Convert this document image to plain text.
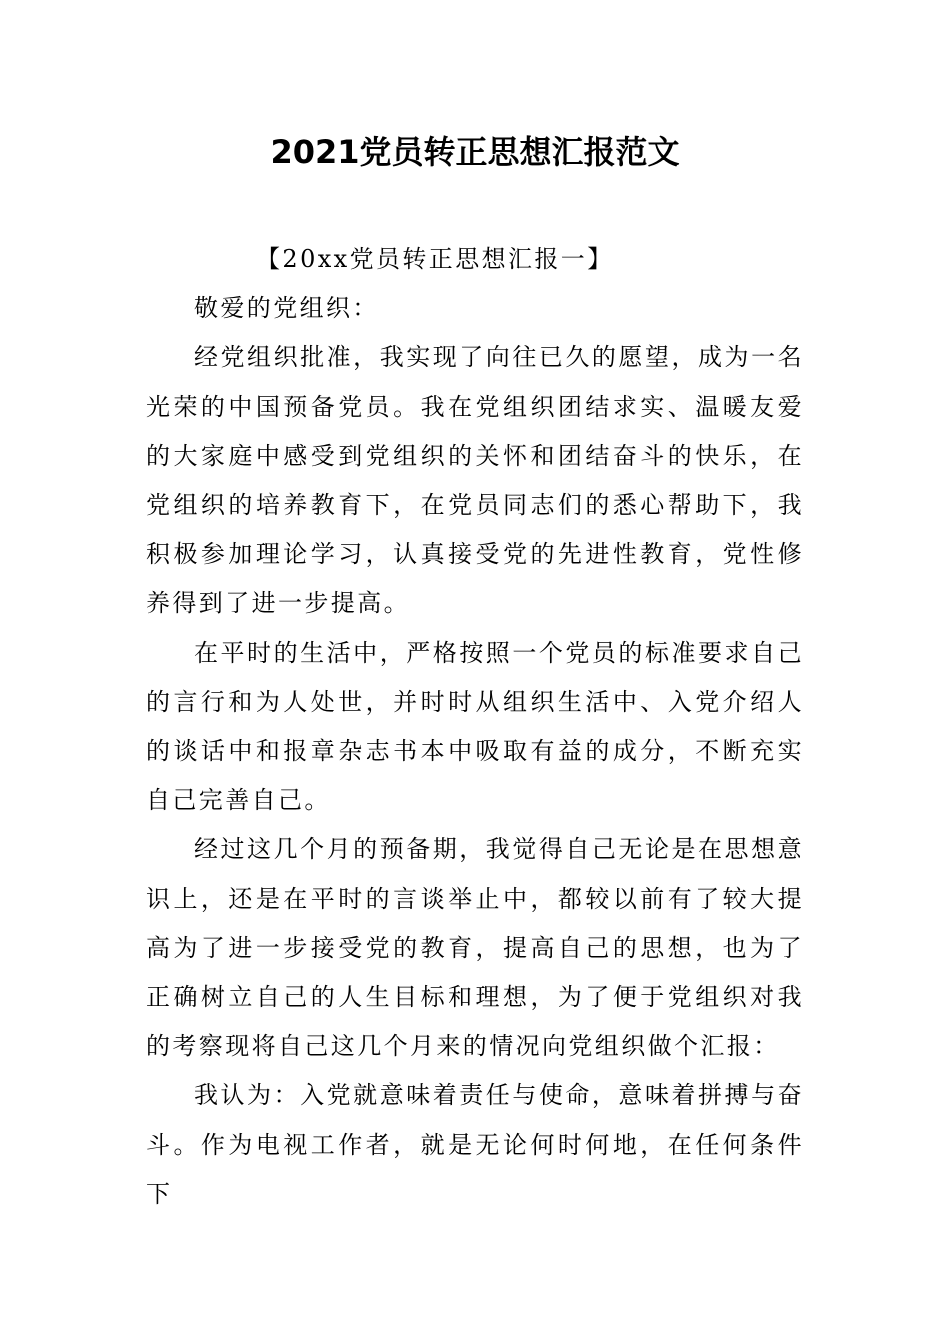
2021党员转正思想汇报范文

【20xx党员转正思想汇报一】

敬爱的党组织：

经党组织批准，我实现了向往已久的愿望，成为一名光荣的中国预备党员。我在党组织团结求实、温暖友爱的大家庭中感受到党组织的关怀和团结奋斗的快乐，在党组织的培养教育下，在党员同志们的悉心帮助下，我积极参加理论学习，认真接受党的先进性教育，党性修养得到了进一步提高。

在平时的生活中，严格按照一个党员的标准要求自己的言行和为人处世，并时时从组织生活中、入党介绍人的谈话中和报章杂志书本中吸取有益的成分，不断充实自己完善自己。

经过这几个月的预备期，我觉得自己无论是在思想意识上，还是在平时的言谈举止中，都较以前有了较大提高为了进一步接受党的教育，提高自己的思想，也为了正确树立自己的人生目标和理想，为了便于党组织对我的考察现将自己这几个月来的情况向党组织做个汇报：

我认为：入党就意味着责任与使命，意味着拼搏与奋斗。作为电视工作者，就是无论何时何地，在任何条件下
